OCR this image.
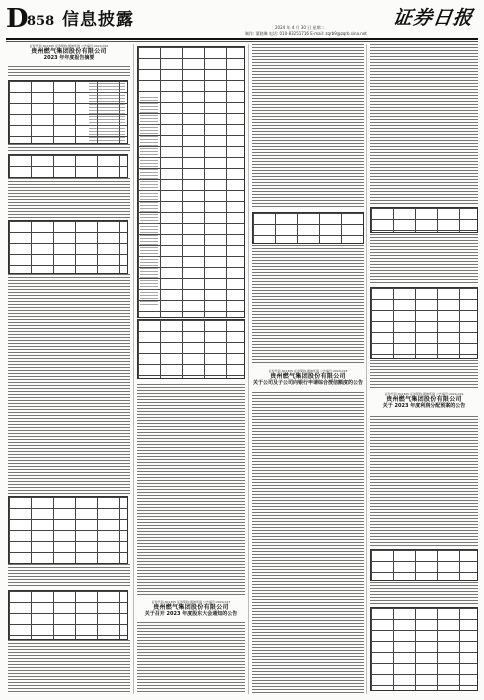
D 858 信息披露	2024 年 4 月 30 日 星期二
制作: 董晓琳 电话: 010-83251716 E-mail: zqrb9@zqrb.sina.net
证券日报
证券代码:301305 证券简称:朗坤环境 公告编号:2024-001
贵州燃气集团股份有限公司
2023 年年度报告摘要
证券代码:301305 证券简称:朗坤环境 公告编号:2024-017
贵州燃气集团股份有限公司
关于召开 2023 年度股东大会通知的公告
证券代码:301305 证券简称:朗坤环境 公告编号:2024-018
贵州燃气集团股份有限公司
关于公司及子公司向银行申请综合授信额度的公告
证券代码:301305 证券简称:朗坤环境 公告编号:2024-019
贵州燃气集团股份有限公司
关于 2023 年度利润分配预案的公告
